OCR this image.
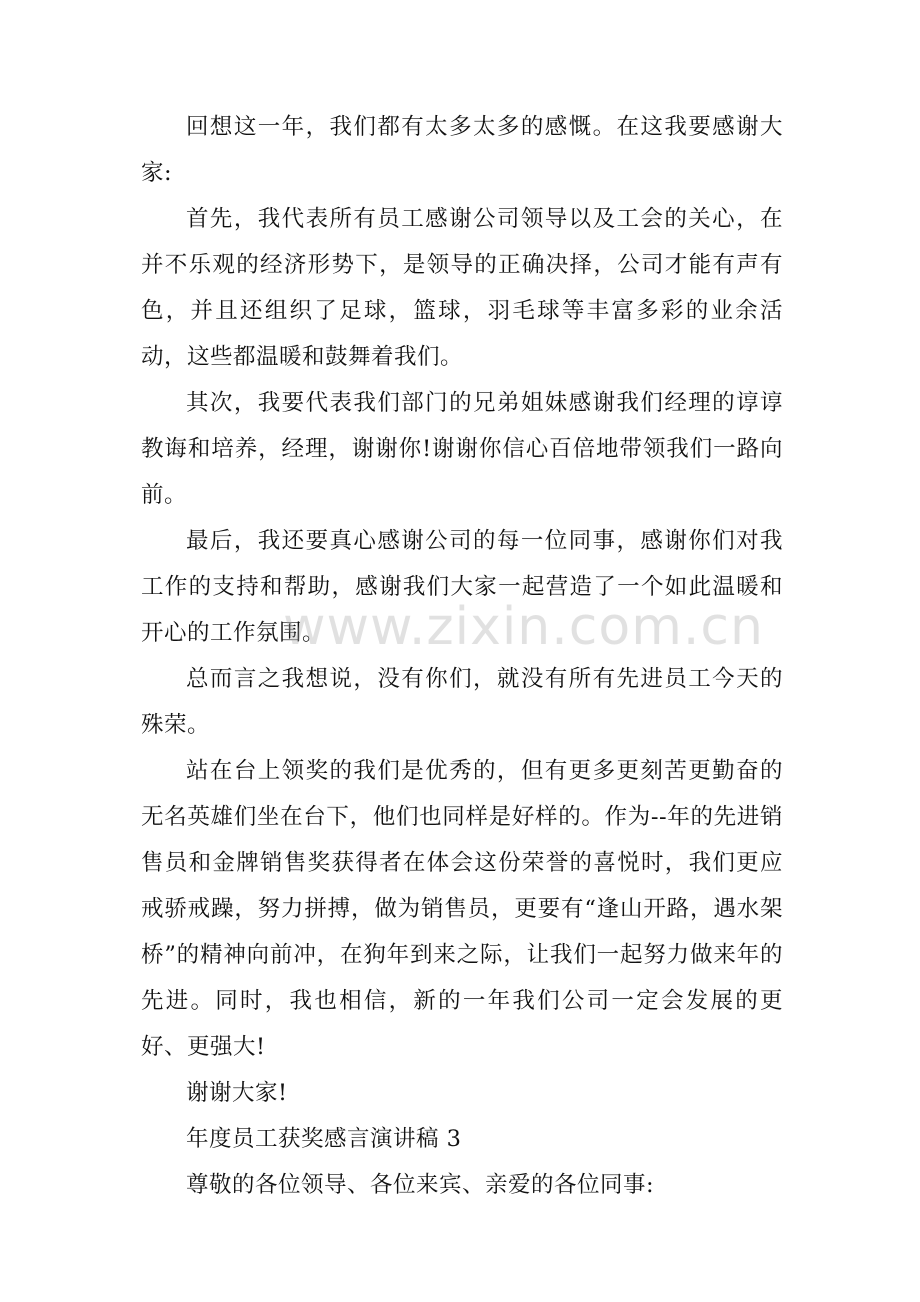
回想这一年，我们都有太多太多的感慨。在这我要感谢大家:

首先，我代表所有员工感谢公司领导以及工会的关心，在并不乐观的经济形势下，是领导的正确决择，公司才能有声有色，并且还组织了足球，篮球，羽毛球等丰富多彩的业余活动，这些都温暖和鼓舞着我们。

其次，我要代表我们部门的兄弟姐妹感谢我们经理的谆谆教诲和培养，经理，谢谢你!谢谢你信心百倍地带领我们一路向前。

最后，我还要真心感谢公司的每一位同事，感谢你们对我工作的支持和帮助，感谢我们大家一起营造了一个如此温暖和开心的工作氛围。

总而言之我想说，没有你们，就没有所有先进员工今天的殊荣。

站在台上领奖的我们是优秀的，但有更多更刻苦更勤奋的无名英雄们坐在台下，他们也同样是好样的。作为--年的先进销售员和金牌销售奖获得者在体会这份荣誉的喜悦时，我们更应戒骄戒躁，努力拼搏，做为销售员，更要有“逢山开路，遇水架桥”的精神向前冲，在狗年到来之际，让我们一起努力做来年的先进。同时，我也相信，新的一年我们公司一定会发展的更好、更强大!

谢谢大家!

年度员工获奖感言演讲稿 3

尊敬的各位领导、各位来宾、亲爱的各位同事:

www.zixin.com.cn
